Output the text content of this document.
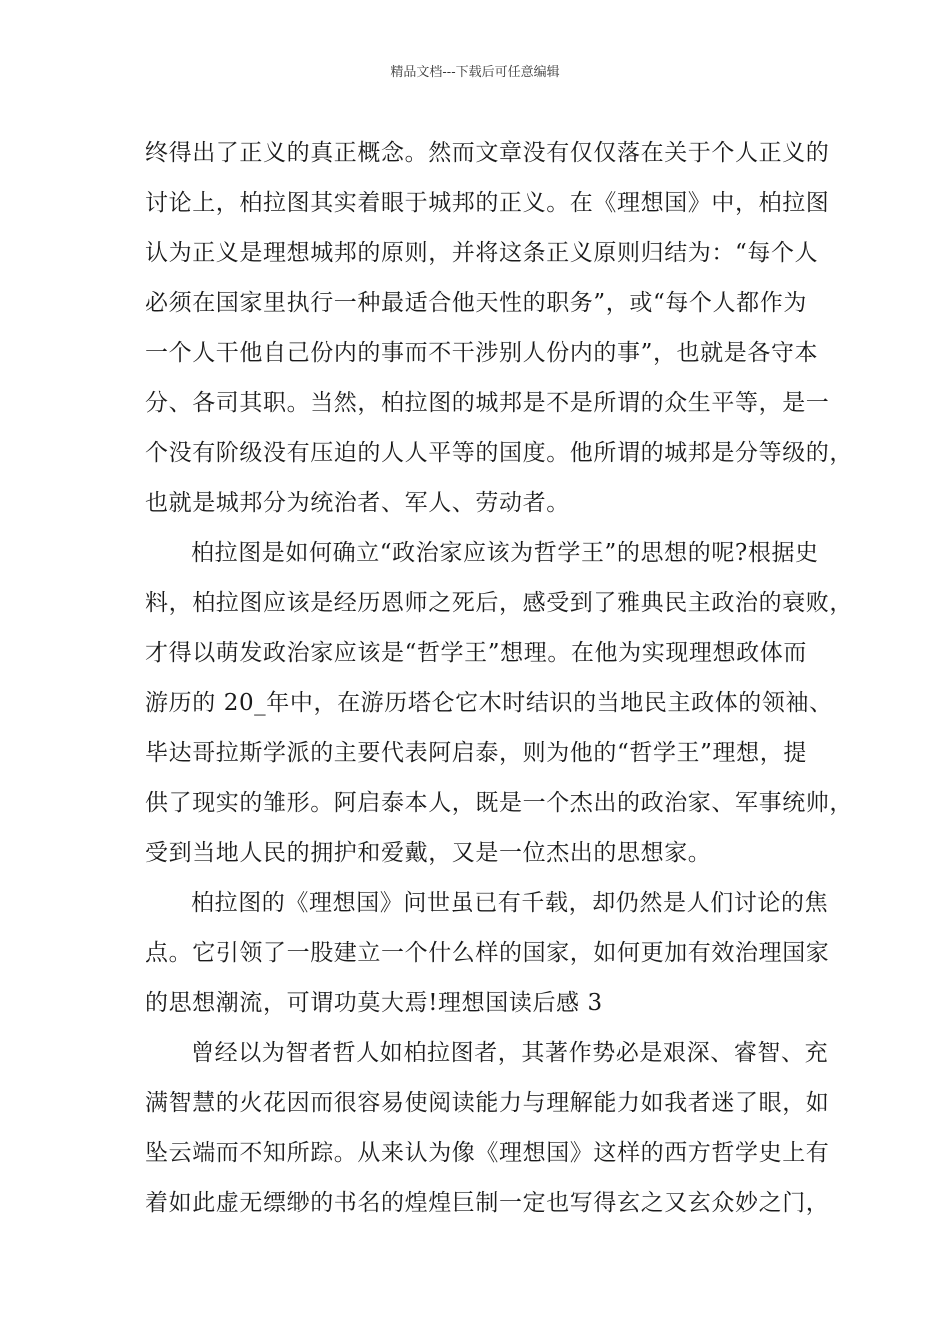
精品文档---下载后可任意编辑
终得出了正义的真正概念。然而文章没有仅仅落在关于个人正义的
讨论上，柏拉图其实着眼于城邦的正义。在《理想国》中，柏拉图
认为正义是理想城邦的原则，并将这条正义原则归结为：“每个人
必须在国家里执行一种最适合他天性的职务”，或“每个人都作为
一个人干他自己份内的事而不干涉别人份内的事”，也就是各守本
分、各司其职。当然，柏拉图的城邦是不是所谓的众生平等，是一
个没有阶级没有压迫的人人平等的国度。他所谓的城邦是分等级的，
也就是城邦分为统治者、军人、劳动者。
柏拉图是如何确立“政治家应该为哲学王”的思想的呢?根据史
料，柏拉图应该是经历恩师之死后，感受到了雅典民主政治的衰败，
才得以萌发政治家应该是“哲学王”想理。在他为实现理想政体而
游历的 20_年中，在游历塔仑它木时结识的当地民主政体的领袖、
毕达哥拉斯学派的主要代表阿启泰，则为他的“哲学王”理想，提
供了现实的雏形。阿启泰本人，既是一个杰出的政治家、军事统帅，
受到当地人民的拥护和爱戴，又是一位杰出的思想家。
柏拉图的《理想国》问世虽已有千载，却仍然是人们讨论的焦
点。它引领了一股建立一个什么样的国家，如何更加有效治理国家
的思想潮流，可谓功莫大焉!理想国读后感 3
曾经以为智者哲人如柏拉图者，其著作势必是艰深、睿智、充
满智慧的火花因而很容易使阅读能力与理解能力如我者迷了眼，如
坠云端而不知所踪。从来认为像《理想国》这样的西方哲学史上有
着如此虚无缥缈的书名的煌煌巨制一定也写得玄之又玄众妙之门，
